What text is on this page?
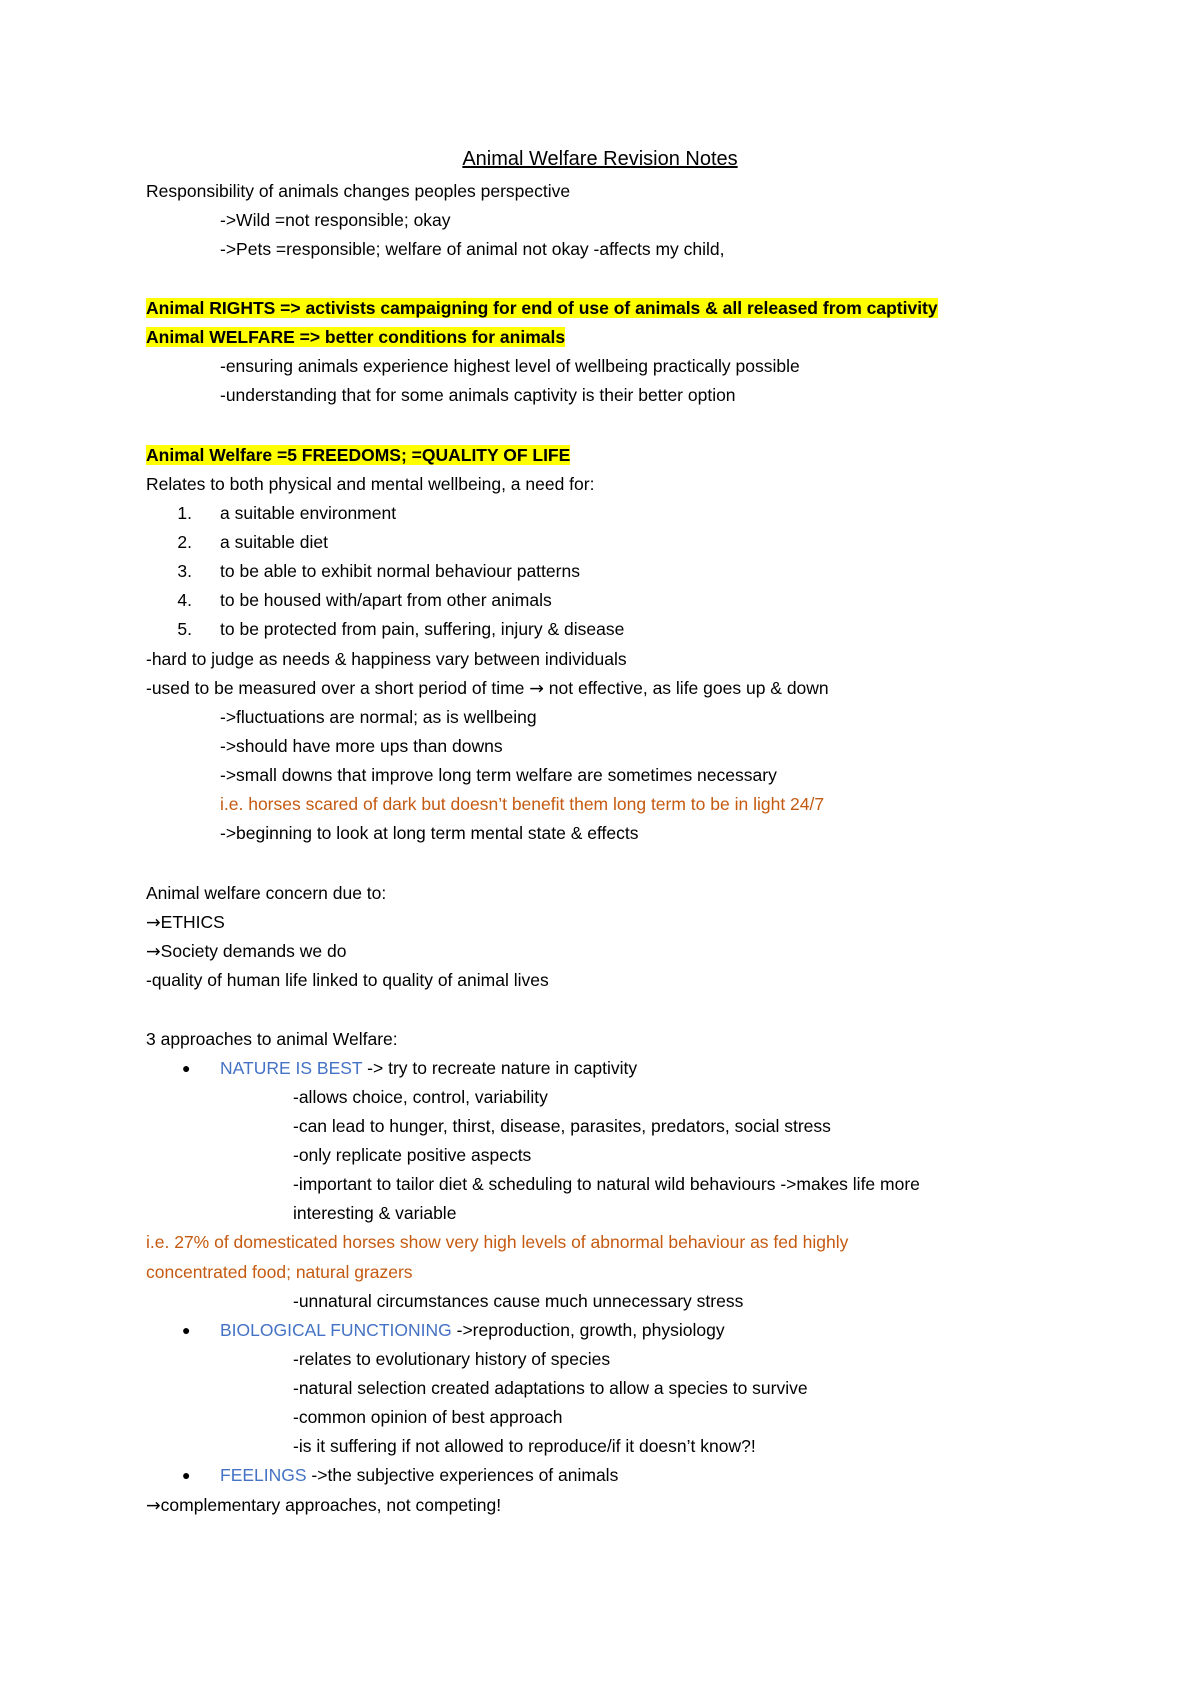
Animal Welfare Revision Notes
Responsibility of animals changes peoples perspective
->Wild =not responsible; okay
->Pets =responsible; welfare of animal not okay -affects my child,
Animal RIGHTS => activists campaigning for end of use of animals & all released from captivity
Animal WELFARE => better conditions for animals
-ensuring animals experience highest level of wellbeing practically possible
-understanding that for some animals captivity is their better option
Animal Welfare =5 FREEDOMS; =QUALITY OF LIFE
Relates to both physical and mental wellbeing, a need for:
1.	a suitable environment
2.	a suitable diet
3.	to be able to exhibit normal behaviour patterns
4.	to be housed with/apart from other animals
5.	to be protected from pain, suffering, injury & disease
-hard to judge as needs & happiness vary between individuals
-used to be measured over a short period of time → not effective, as life goes up & down
->fluctuations are normal; as is wellbeing
->should have more ups than downs
->small downs that improve long term welfare are sometimes necessary
i.e. horses scared of dark but doesn’t benefit them long term to be in light 24/7
->beginning to look at long term mental state & effects
Animal welfare concern due to:
→ETHICS
→Society demands we do
-quality of human life linked to quality of animal lives
3 approaches to animal Welfare:
● NATURE IS BEST -> try to recreate nature in captivity
-allows choice, control, variability
-can lead to hunger, thirst, disease, parasites, predators, social stress
-only replicate positive aspects
-important to tailor diet & scheduling to natural wild behaviours ->makes life more
interesting & variable
i.e. 27% of domesticated horses show very high levels of abnormal behaviour as fed highly
concentrated food; natural grazers
-unnatural circumstances cause much unnecessary stress
● BIOLOGICAL FUNCTIONING ->reproduction, growth, physiology
-relates to evolutionary history of species
-natural selection created adaptations to allow a species to survive
-common opinion of best approach
-is it suffering if not allowed to reproduce/if it doesn’t know?!
● FEELINGS ->the subjective experiences of animals
→complementary approaches, not competing!
